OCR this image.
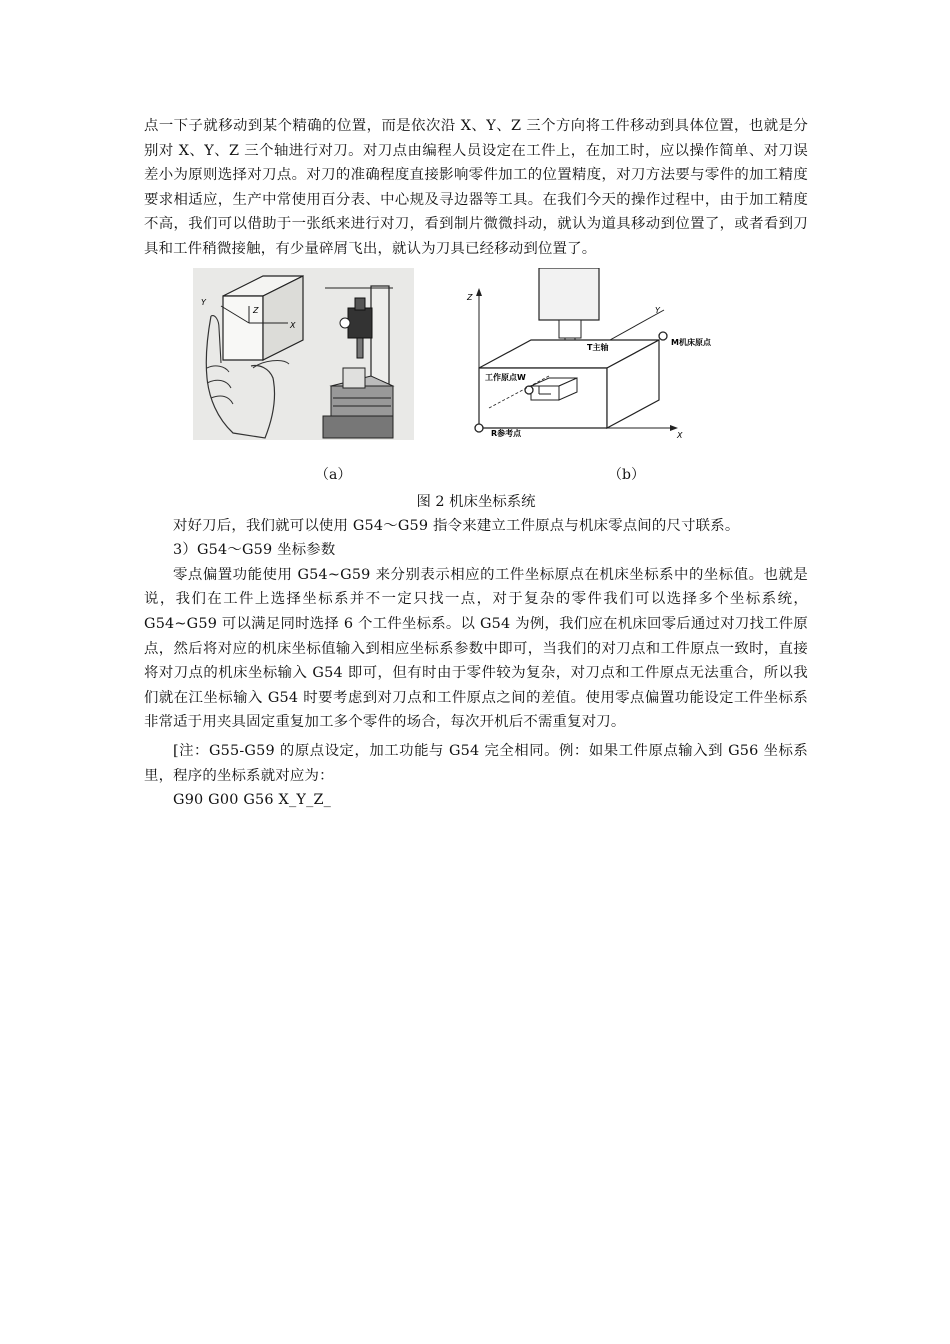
点一下子就移动到某个精确的位置，而是依次沿 X、Y、Z 三个方向将工件移动到具体位置，也就是分别对 X、Y、Z 三个轴进行对刀。对刀点由编程人员设定在工件上，在加工时，应以操作简单、对刀误差小为原则选择对刀点。对刀的准确程度直接影响零件加工的位置精度，对刀方法要与零件的加工精度要求相适应，生产中常使用百分表、中心规及寻边器等工具。在我们今天的操作过程中，由于加工精度不高，我们可以借助于一张纸来进行对刀，看到制片微微抖动，就认为道具移动到位置了，或者看到刀具和工件稍微接触，有少量碎屑飞出，就认为刀具已经移动到位置了。

Z
X
Y
Z
Y
X
M机床原点
T主轴
工作原点W
R参考点
（a）	（b）
图 2 机床坐标系统

对好刀后，我们就可以使用 G54～G59 指令来建立工件原点与机床零点间的尺寸联系。

3）G54～G59 坐标参数

零点偏置功能使用 G54~G59 来分别表示相应的工件坐标原点在机床坐标系中的坐标值。也就是说，我们在工件上选择坐标系并不一定只找一点，对于复杂的零件我们可以选择多个坐标系统，G54~G59 可以满足同时选择 6 个工件坐标系。以 G54 为例，我们应在机床回零后通过对刀找工件原点，然后将对应的机床坐标值输入到相应坐标系参数中即可，当我们的对刀点和工件原点一致时，直接将对刀点的机床坐标输入 G54 即可，但有时由于零件较为复杂，对刀点和工件原点无法重合，所以我们就在江坐标输入 G54 时要考虑到对刀点和工件原点之间的差值。使用零点偏置功能设定工件坐标系非常适于用夹具固定重复加工多个零件的场合，每次开机后不需重复对刀。

[注：G55-G59 的原点设定，加工功能与 G54 完全相同。例：如果工件原点输入到 G56 坐标系里，程序的坐标系就对应为：

G90 G00 G56 X_Y_Z_
